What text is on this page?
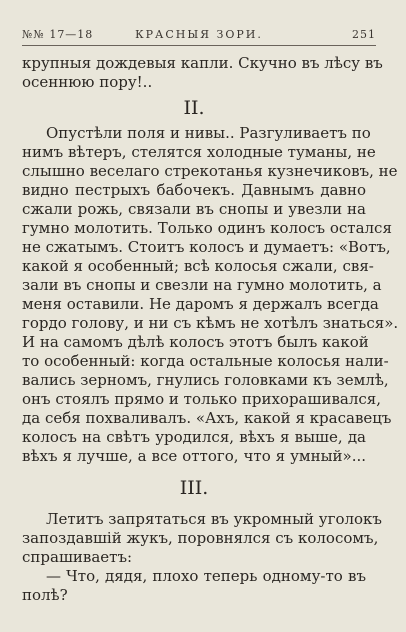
№№ 17—18	КРАСНЫЯ ЗОРИ.	251
крупныя дождевыя капли. Скучно въ лѣсу въ
осеннюю пору!..
II.
Опустѣли поля и нивы.. Разгуливаетъ по
нимъ вѣтеръ, стелятся холодные туманы, не
слышно веселаго стрекотанья кузнечиковъ, не
видно пестрыхъ бабочекъ. Давнымъ давно
сжали рожь, связали въ снопы и увезли на
гумно молотить. Только одинъ колосъ остался
не сжатымъ. Стоитъ колосъ и думаетъ: «Вотъ,
какой я особенный; всѣ колосья сжали, свя-
зали въ снопы и свезли на гумно молотить, а
меня оставили. Не даромъ я держалъ всегда
гордо голову, и ни съ кѣмъ не хотѣлъ знаться».
И на самомъ дѣлѣ колосъ этотъ былъ какой
то особенный: когда остальные колосья нали-
вались зерномъ, гнулись головками къ землѣ,
онъ стоялъ прямо и только прихорашивался,
да себя похваливалъ. «Ахъ, какой я красавецъ
колосъ на свѣтъ уродился, вѣхъ я выше, да
вѣхъ я лучше, а все оттого, что я умный»...
III.
Летитъ запрятаться въ укромный уголокъ
запоздавшій жукъ, поровнялся съ колосомъ,
спрашиваетъ:
— Что, дядя, плохо теперь одному-то въ
полѣ?
